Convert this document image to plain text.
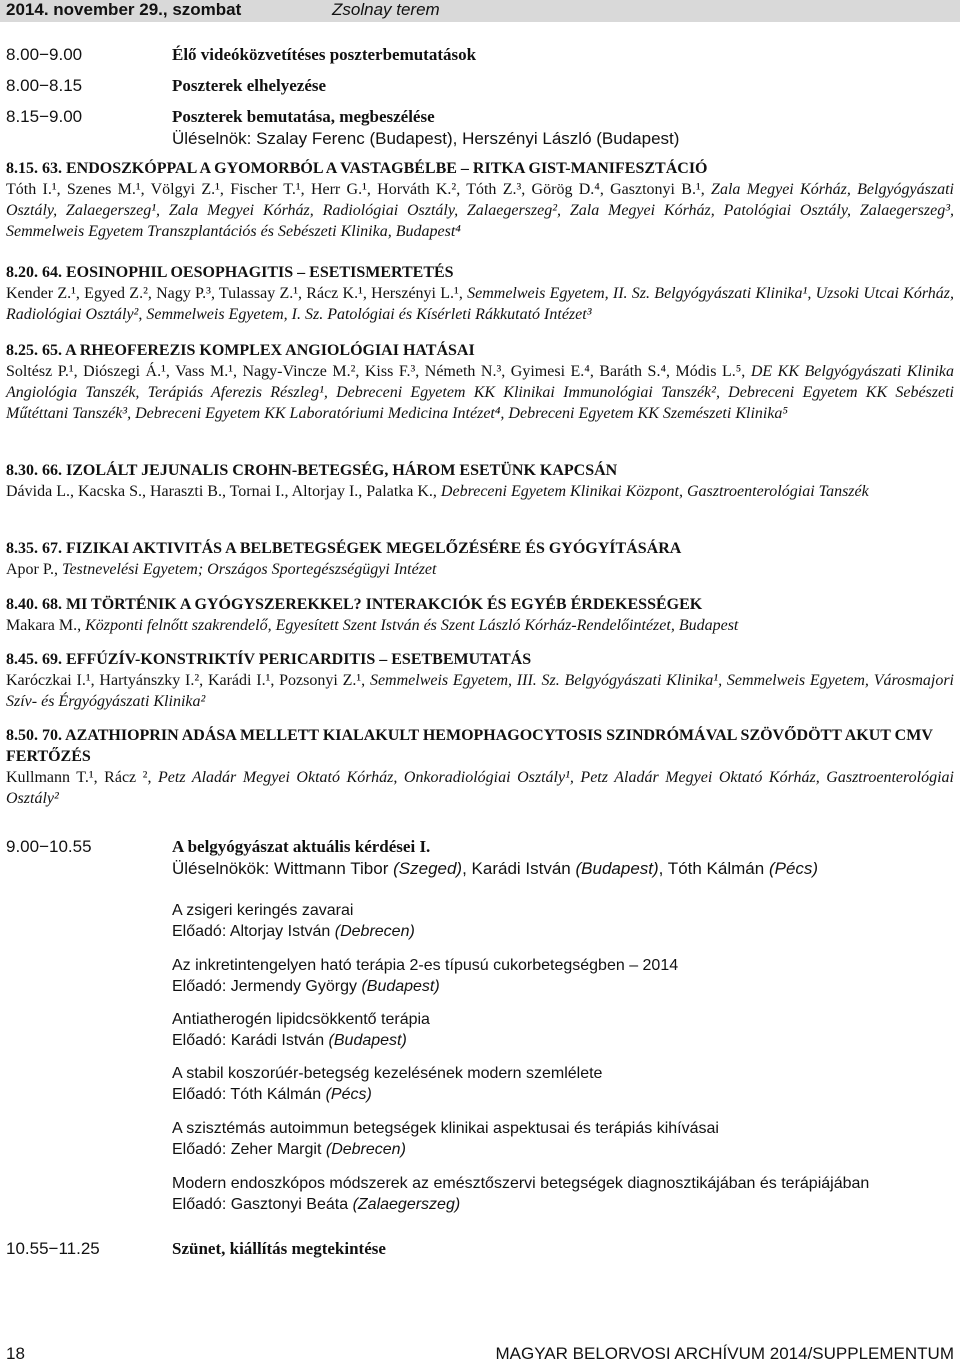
2014. november 29., szombat	Zsolnay terem
8.00−9.00	Élő videóközvetítéses poszterbemutatások
8.00−8.15	Poszterek elhelyezése
8.15−9.00	Poszterek bemutatása, megbeszélése
Üléselnök: Szalay Ferenc (Budapest), Herszényi László (Budapest)
8.15. 63. ENDOSZKÓPPAL A GYOMORBÓL A VASTAGBÉLBE – RITKA GIST-MANIFESZTÁCIÓ
Tóth I.¹, Szenes M.¹, Völgyi Z.¹, Fischer T.¹, Herr G.¹, Horváth K.², Tóth Z.³, Görög D.⁴, Gasztonyi B.¹, Zala Megyei Kórház, Belgyógyászati Osztály, Zalaegerszeg¹, Zala Megyei Kórház, Radiológiai Osztály, Zalaegerszeg², Zala Megyei Kórház, Patológiai Osztály, Zalaegerszeg³, Semmelweis Egyetem Transzplantációs és Sebészeti Klinika, Budapest⁴
8.20. 64. EOSINOPHIL OESOPHAGITIS – ESETISMERTETÉS
Kender Z.¹, Egyed Z.², Nagy P.³, Tulassay Z.¹, Rácz K.¹, Herszényi L.¹, Semmelweis Egyetem, II. Sz. Belgyógyászati Klinika¹, Uzsoki Utcai Kórház, Radiológiai Osztály², Semmelweis Egyetem, I. Sz. Patológiai és Kísérleti Rákkutató Intézet³
8.25. 65. A RHEOFEREZIS KOMPLEX ANGIOLÓGIAI HATÁSAI
Soltész P.¹, Diószegi Á.¹, Vass M.¹, Nagy-Vincze M.², Kiss F.³, Németh N.³, Gyimesi E.⁴, Baráth S.⁴, Módis L.⁵, DE KK Belgyógyászati Klinika Angiológia Tanszék, Terápiás Aferezis Részleg¹, Debreceni Egyetem KK Klinikai Immunológiai Tanszék², Debreceni Egyetem KK Sebészeti Műtéttani Tanszék³, Debreceni Egyetem KK Laboratóriumi Medicina Intézet⁴, Debreceni Egyetem KK Szemészeti Klinika⁵
8.30. 66. IZOLÁLT JEJUNALIS CROHN-BETEGSÉG, HÁROM ESETÜNK KAPCSÁN
Dávida L., Kacska S., Haraszti B., Tornai I., Altorjay I., Palatka K., Debreceni Egyetem Klinikai Központ, Gasztroenterológiai Tanszék
8.35. 67. FIZIKAI AKTIVITÁS A BELBETEGSÉGEK MEGELŐZÉSÉRE ÉS GYÓGYÍTÁSÁRA
Apor P., Testnevelési Egyetem; Országos Sportegészségügyi Intézet
8.40. 68. MI TÖRTÉNIK A GYÓGYSZEREKKEL? INTERAKCIÓK ÉS EGYÉB ÉRDEKESSÉGEK
Makara M., Központi felnőtt szakrendelő, Egyesített Szent István és Szent László Kórház-Rendelőintézet, Budapest
8.45. 69. EFFÚZÍV-KONSTRIKTÍV PERICARDITIS – ESETBEMUTATÁS
Karóczkai I.¹, Hartyánszky I.², Karádi I.¹, Pozsonyi Z.¹, Semmelweis Egyetem, III. Sz. Belgyógyászati Klinika¹, Semmelweis Egyetem, Városmajori Szív- és Érgyógyászati Klinika²
8.50. 70. AZATHIOPRIN ADÁSA MELLETT KIALAKULT HEMOPHAGOCYTOSIS SZINDRÓMÁVAL SZÖVŐDÖTT AKUT CMV FERTŐZÉS
Kullmann T.¹, Rácz ², Petz Aladár Megyei Oktató Kórház, Onkoradiológiai Osztály¹, Petz Aladár Megyei Oktató Kórház, Gasztroenterológiai Osztály²
9.00−10.55	A belgyógyászat aktuális kérdései I.
Üléselnökök: Wittmann Tibor (Szeged), Karádi István (Budapest), Tóth Kálmán (Pécs)
A zsigeri keringés zavarai
Előadó: Altorjay István (Debrecen)
Az inkretintengelyen ható terápia 2-es típusú cukorbetegségben – 2014
Előadó: Jermendy György (Budapest)
Antiatherogén lipidcsökkentő terápia
Előadó: Karádi István (Budapest)
A stabil koszorúér-betegség kezelésének modern szemlélete
Előadó: Tóth Kálmán (Pécs)
A szisztémás autoimmun betegségek klinikai aspektusai és terápiás kihívásai
Előadó: Zeher Margit (Debrecen)
Modern endoszkópos módszerek az emésztőszervi betegségek diagnosztikájában és terápiájában
Előadó: Gasztonyi Beáta (Zalaegerszeg)
10.55−11.25	Szünet, kiállítás megtekintése
18	MAGYAR BELORVOSI ARCHÍVUM 2014/SUPPLEMENTUM
